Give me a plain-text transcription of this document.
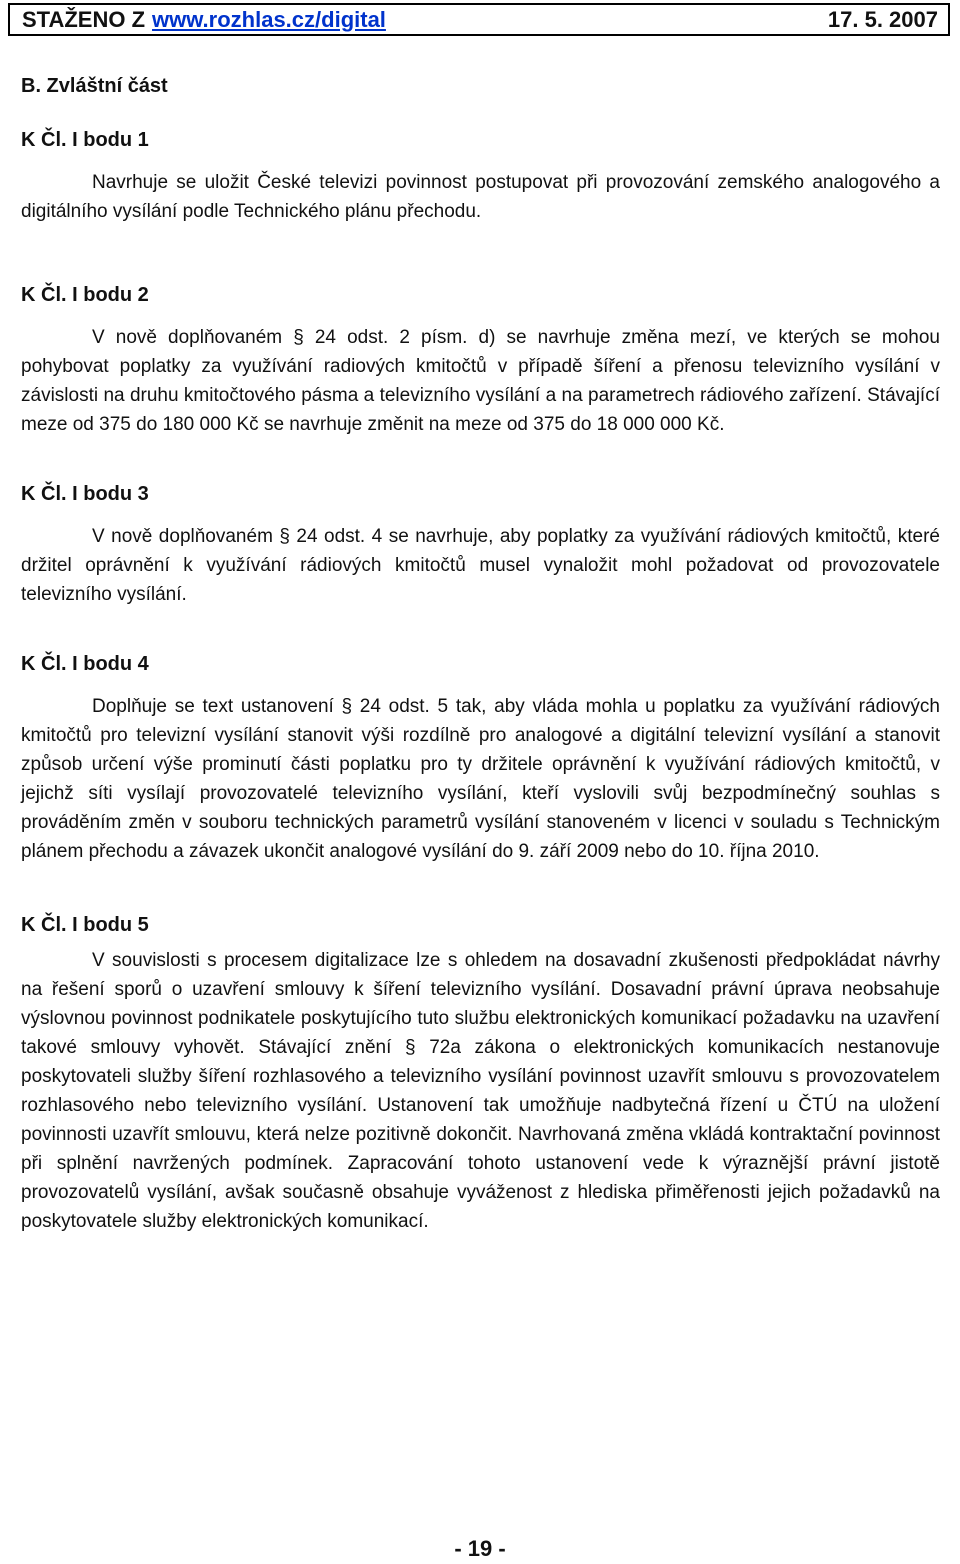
STAŽENO Z www.rozhlas.cz/digital	17. 5. 2007

B. Zvláštní část

K Čl. I bodu 1

Navrhuje se uložit České televizi povinnost postupovat při provozování zemského analogového a digitálního vysílání podle Technického plánu přechodu.

K Čl. I bodu 2

V nově doplňovaném § 24 odst. 2 písm. d) se navrhuje změna mezí, ve kterých se mohou pohybovat poplatky za využívání radiových kmitočtů v případě šíření a přenosu televizního vysílání v závislosti na druhu kmitočtového pásma a televizního vysílání a na parametrech rádiového zařízení. Stávající meze od 375 do 180 000 Kč se navrhuje změnit na meze od 375 do 18 000 000 Kč.

K Čl. I bodu 3

V nově doplňovaném § 24 odst. 4 se navrhuje, aby poplatky za využívání rádiových kmitočtů, které držitel oprávnění k využívání rádiových kmitočtů musel vynaložit mohl požadovat od provozovatele televizního vysílání.

K Čl. I bodu 4

Doplňuje se text ustanovení § 24 odst. 5 tak, aby vláda mohla u poplatku za využívání rádiových kmitočtů pro televizní vysílání stanovit výši rozdílně pro analogové a digitální televizní vysílání a stanovit způsob určení výše prominutí části poplatku pro ty držitele oprávnění k využívání rádiových kmitočtů, v jejichž síti vysílají provozovatelé televizního vysílání, kteří vyslovili svůj bezpodmínečný souhlas s prováděním změn v souboru technických parametrů vysílání stanoveném v licenci v souladu s Technickým plánem přechodu a závazek ukončit analogové vysílání do 9. září 2009 nebo do 10. října 2010.

K Čl. I bodu 5

V souvislosti s procesem digitalizace lze s ohledem na dosavadní zkušenosti předpokládat návrhy na řešení sporů o uzavření smlouvy k šíření televizního vysílání. Dosavadní právní úprava neobsahuje výslovnou povinnost podnikatele poskytujícího tuto službu elektronických komunikací požadavku na uzavření takové smlouvy vyhovět. Stávající znění § 72a zákona o elektronických komunikacích nestanovuje poskytovateli služby šíření rozhlasového a televizního vysílání povinnost uzavřít smlouvu s provozovatelem rozhlasového nebo televizního vysílání. Ustanovení tak umožňuje nadbytečná řízení u ČTÚ na uložení povinnosti uzavřít smlouvu, která nelze pozitivně dokončit. Navrhovaná změna vkládá kontraktační povinnost při splnění navržených podmínek. Zapracování tohoto ustanovení vede k výraznější právní jistotě provozovatelů vysílání, avšak současně obsahuje vyváženost z hlediska přiměřenosti jejich požadavků na poskytovatele služby elektronických komunikací.

- 19 -
